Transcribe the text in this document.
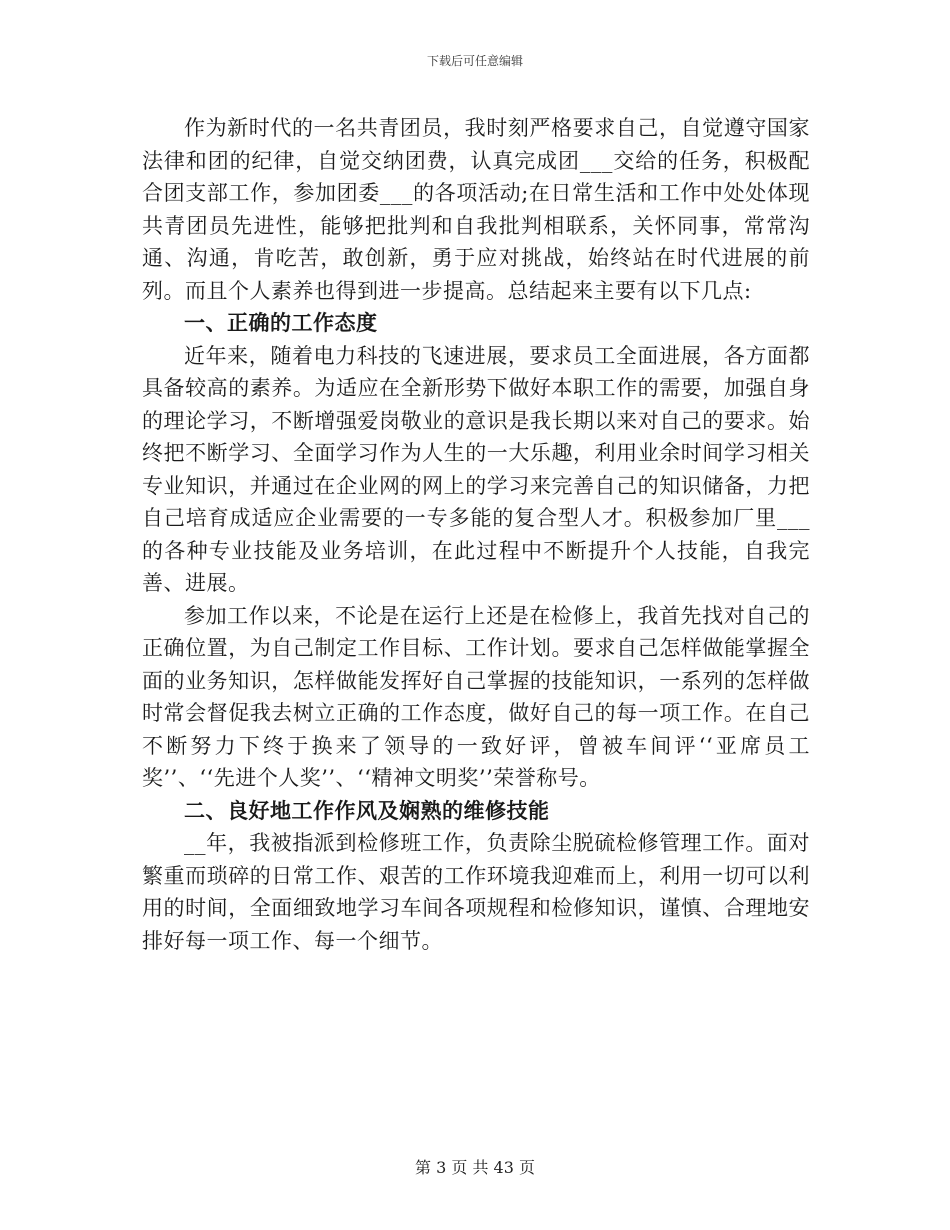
下载后可任意编辑

作为新时代的一名共青团员，我时刻严格要求自己，自觉遵守国家法律和团的纪律，自觉交纳团费，认真完成团___交给的任务，积极配合团支部工作，参加团委___的各项活动;在日常生活和工作中处处体现共青团员先进性，能够把批判和自我批判相联系，关怀同事，常常沟通、沟通，肯吃苦，敢创新，勇于应对挑战，始终站在时代进展的前列。而且个人素养也得到进一步提高。总结起来主要有以下几点:

一、正确的工作态度

近年来，随着电力科技的飞速进展，要求员工全面进展，各方面都具备较高的素养。为适应在全新形势下做好本职工作的需要，加强自身的理论学习，不断增强爱岗敬业的意识是我长期以来对自己的要求。始终把不断学习、全面学习作为人生的一大乐趣，利用业余时间学习相关专业知识，并通过在企业网的网上的学习来完善自己的知识储备，力把自己培育成适应企业需要的一专多能的复合型人才。积极参加厂里___的各种专业技能及业务培训，在此过程中不断提升个人技能，自我完善、进展。

参加工作以来，不论是在运行上还是在检修上，我首先找对自己的正确位置，为自己制定工作目标、工作计划。要求自己怎样做能掌握全面的业务知识，怎样做能发挥好自己掌握的技能知识，一系列的怎样做时常会督促我去树立正确的工作态度，做好自己的每一项工作。在自己不断努力下终于换来了领导的一致好评，曾被车间评‘‘亚席员工奖’’、‘‘先进个人奖’’、‘‘精神文明奖’’荣誉称号。

二、良好地工作作风及娴熟的维修技能

__年，我被指派到检修班工作，负责除尘脱硫检修管理工作。面对繁重而琐碎的日常工作、艰苦的工作环境我迎难而上，利用一切可以利用的时间，全面细致地学习车间各项规程和检修知识，谨慎、合理地安排好每一项工作、每一个细节。

第 3 页 共 43 页
